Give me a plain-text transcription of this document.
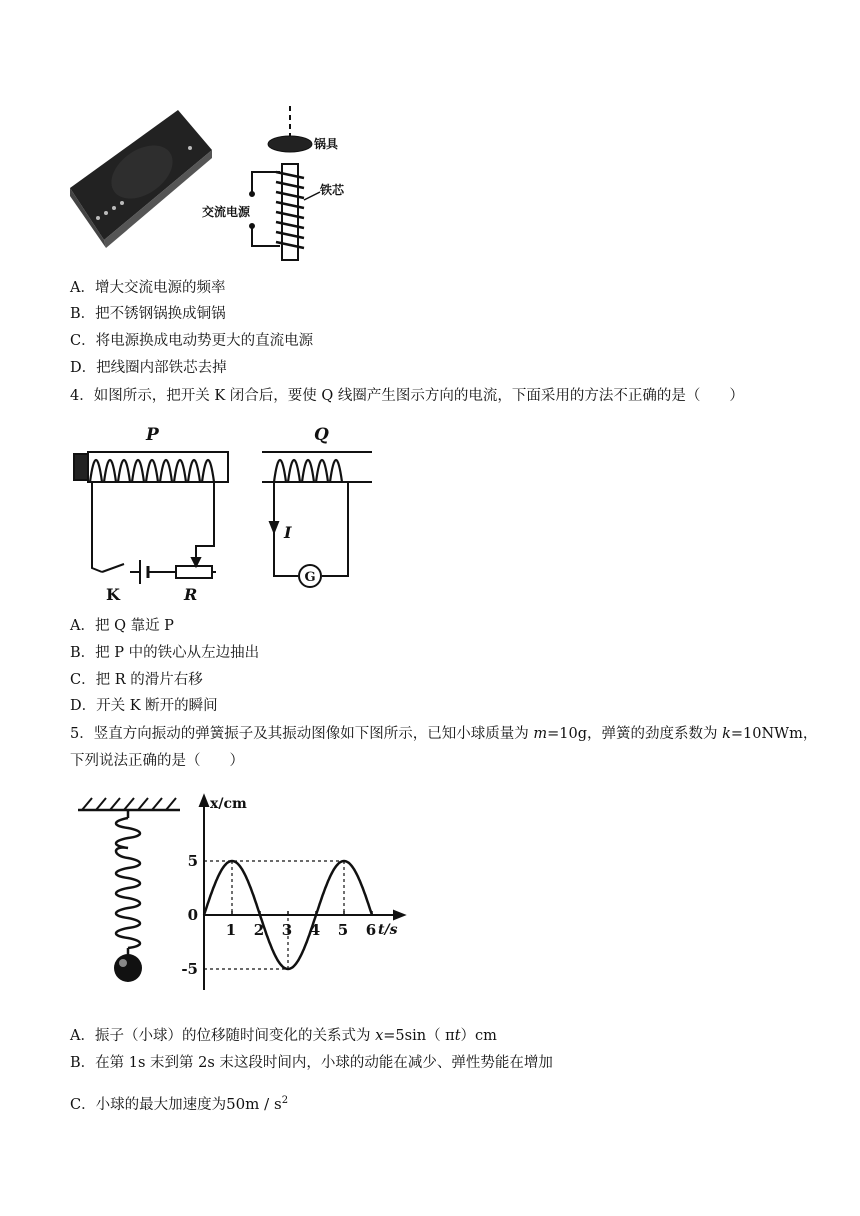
锅具
铁芯
交流电源
A．增大交流电源的频率
B．把不锈钢锅换成铜锅
C．将电源换成电动势更大的直流电源
D．把线圈内部铁芯去掉
4．如图所示，把开关 K 闭合后，要使 Q 线圈产生图示方向的电流，下面采用的方法不正确的是（　　）
P	Q
I
K	R
G
A．把 Q 靠近 P
B．把 P 中的铁心从左边抽出
C．把 R 的滑片右移
D．开关 K 断开的瞬间
5．竖直方向振动的弹簧振子及其振动图像如下图所示，已知小球质量为 m=10g，弹簧的劲度系数为 k=10NWm，
下列说法正确的是（　　）
1 2 3 4 5 6
5
0
-5
x/cm
t/s
A．振子（小球）的位移随时间变化的关系式为 x=5sin（ πt）cm
B．在第 1s 末到第 2s 末这段时间内，小球的动能在减少、弹性势能在增加
C．小球的最大加速度为$50m / s^2$
